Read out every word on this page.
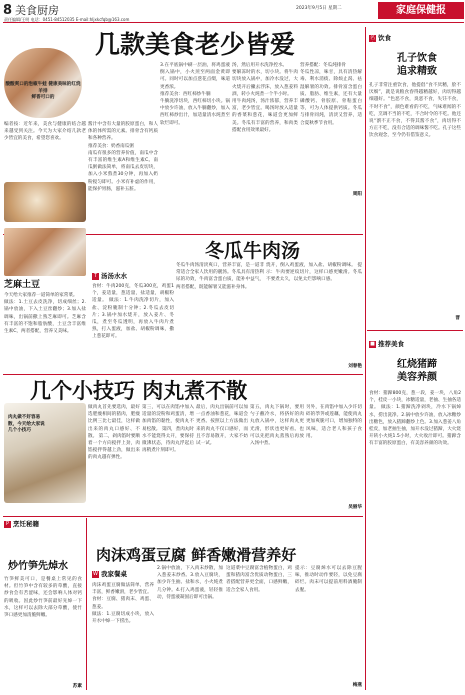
8 美食厨房
责任编辑/王明 电话：0451-84512035 E-mail:hljxkcfqb@163.com
2023年9月5日 星期二	家庭保健报
几款美食老少皆爱
酸酸爽口的泡椒牛蛙 健康美味的红烧羊排
鲜香可口的
编者按：近年来，美食与健康的结合越来越受到关注。今天为大家介绍几款老少皆宜的美食，希望您喜欢。
酱汁中含有大量的胶原蛋白，和人体的体所需的元素。排骨含有钙质和各种营养。
推荐美食：奶香南瓜粥
南瓜有很多的营养价值，南瓜中含有丰富的维生素A和维生素C。南瓜粥做法简单，将南瓜去皮切块，加入小米熬煮30分钟，再加入奶粉搅匀即可。小米有补虚的作用，能保护胃肠，滋补五脏。
3.在平底锅中刷一层油，将鸡蛋液倒入锅中，小火煎至两面金黄即可。同时可以加点葱花点缀，味道更香浓。
推荐美食：西红柿炒牛腩
牛腩洗净切块，西红柿切小块。锅中放少许油，放入牛腩翻炒，加入西红柿炒出汁，加适量清水炖煮至软烂即可。
汤，然后用开水洗净控水。
要解冻时的水，切小块。将牛肉切块放入锅中，加冷水没过，大火烧开后撇去浮沫，放入葱姜料酒，转小火炖煮一个半小时。
用牛肉炖汤，汤汁浓郁，营养丰富，老少皆宜。喝汤时放入适量的香菜和葱花，味道会更加鲜美。冬瓜有丰富的营养，和肉类搭配食用效果最好。
营养搭配：冬瓜炖排骨
冬瓜性凉，味甘，具有清热解毒、利水消痰、除烦止渴、祛湿解暑的功效。排骨富含蛋白质、脂肪、维生素，还有大量磷酸钙、骨胶原、骨粘蛋白等，可为人体提供钙质。冬瓜与排骨同炖，清淡又营养，适合夏秋季节食用。
周阳
名人
饮食
孔子饮食
追求精致
孔子非常注重饮食，他提倡“食不厌精，脍不厌细”，就是说粮食舂得越精越好，肉切得越细越好。“色恶不食，臭恶不食，失饪不食，不时不食”，颜色难看的不吃，气味难闻的不吃，烹调不当的不吃，不合时令的不吃。他还说“割不正不食，不得其酱不食”，肉切得不方正不吃，没有合适的调味酱不吃。孔子这些饮食观念，至今仍有借鉴意义。
晋
■ 推荐美食
红烧猪蹄
美容养颜
食材：猪蹄800克，葱一段，姜一块，八角2个，桂皮一小块，冰糖适量，老抽、生抽各适量。 做法：1.猪蹄洗净剁块，冷水下锅焯水，捞出洗净。2.锅中放少许油，放入冰糖炒出糖色，放入猪蹄翻炒上色。3.加入葱姜八角桂皮，加老抽生抽，加开水没过猪蹄，大火烧开转小火炖1.5小时，大火收汁即可。猪蹄含有丰富的胶原蛋白，有美容养颜的功效。
冬瓜牛肉汤
芝麻土豆
今天给大家推荐一道简单的家常菜。
做法：1.土豆去皮洗净，切成细丝；2.锅中放油，下入土豆丝翻炒；3.加入盐调味，出锅前撒上熟芝麻即可。芝麻含有丰富的不饱和脂肪酸，土豆含丰富维生素C，两者搭配，营养又美味。
T 汤汤水水
食材：牛肉200克，冬瓜300克，鸡蛋1个，姜适量，葱适量，盐适量，胡椒粉适量。 做法：1.牛肉洗净切片，加入盐、淀粉腌制十分钟；2.冬瓜去皮切片；3.锅中加水烧开，放入姜片、冬瓜，煮至冬瓜透明，再放入牛肉片煮熟，打入蛋液，加盐、胡椒粉调味，撒上葱花即可。
冬瓜牛肉汤清淡爽口，营养丰富，是一道非常适合全家人饮用的靓汤。冬瓜具有清热利尿的功效，牛肉富含蛋白质，能补中益气，两者搭配，既能解暑又能滋补身体。
烧开，倒入鸡蛋液，加入盐、胡椒粉调味。 提示：牛肉要逆纹切片，这样口感更嫩滑。冬瓜不要煮太久，以免太烂影响口感。
刘春艳
几个小技巧 肉丸煮不散
肉丸做不好容易散，今天给大家说几个小技巧
做肉丸首先要选肉，最好选肥瘦相间的猪肉，肥瘦比例三比七最佳，这样做出来的肉丸口感好、不散。 第二，剁肉馅时要顺着一个方向搅拌上劲，肉馅搅拌得越上劲，做出来的肉丸越有弹性。
第三，可以在肉馅中加入适量的淀粉和鸡蛋清，增加肉馅的黏性，使肉丸不易松散。 第四，煮肉丸时水不能烧得太开，要保持微沸状态，待肉丸浮起后再稍煮片刻即可。
最后，肉丸出锅前可以加一点香油和葱花，味道会更香。按照以上方法做出来的肉丸不仅口感好，而且不容易散开，大家不妨试一试。
第五，肉丸下锅时，要用勺子蘸冷水，将挤好的肉丸放入锅中，这样肉丸更光滑，形状也更好看。也可以先把肉丸蒸熟后再放入汤中煮。
另外，在肉馅中加入少许切碎的荸荠或莲藕，能使肉丸更加爽脆可口，增加独特的风味，适合老人和孩子食用。
吴丽华
P 烹饪秘籍
炒竹笋先焯水
竹笋鲜美可口，是餐桌上常见的食材。但竹笋中含有较多的草酸，直接炒食会有苦涩味，还会影响人体对钙的吸收。因此炒竹笋前最好先焯一下水，这样可以去除大部分草酸，使竹笋口感更加清脆鲜嫩。
苏素
肉沫鸡蛋豆腐 鲜香嫩滑营养好
W 我家餐桌
肉沫鸡蛋豆腐做法简单，营养丰富，鲜香嫩滑，老少皆宜。
食材：豆腐、猪肉末、鸡蛋、葱姜。
做法：1.豆腐切成小块，放入开水中焯一下捞出。
2.锅中放油，下入肉末炒散，加入葱姜末炒香。3.放入豆腐块，加少许生抽、盐和水，小火炖煮几分钟。4.打入鸡蛋液，轻轻推动，待蛋液凝固后即可出锅。
这道菜中豆腐富含植物蛋白，鸡蛋和猪肉富含优质动物蛋白，三者搭配营养更全面，口感鲜嫩，适合全家人食用。
提示：豆腐焯水可以去除豆腥味，推动时动作要轻，以免豆腐碎烂。肉末可以提前用料酒腌制去腥。
梅燕
